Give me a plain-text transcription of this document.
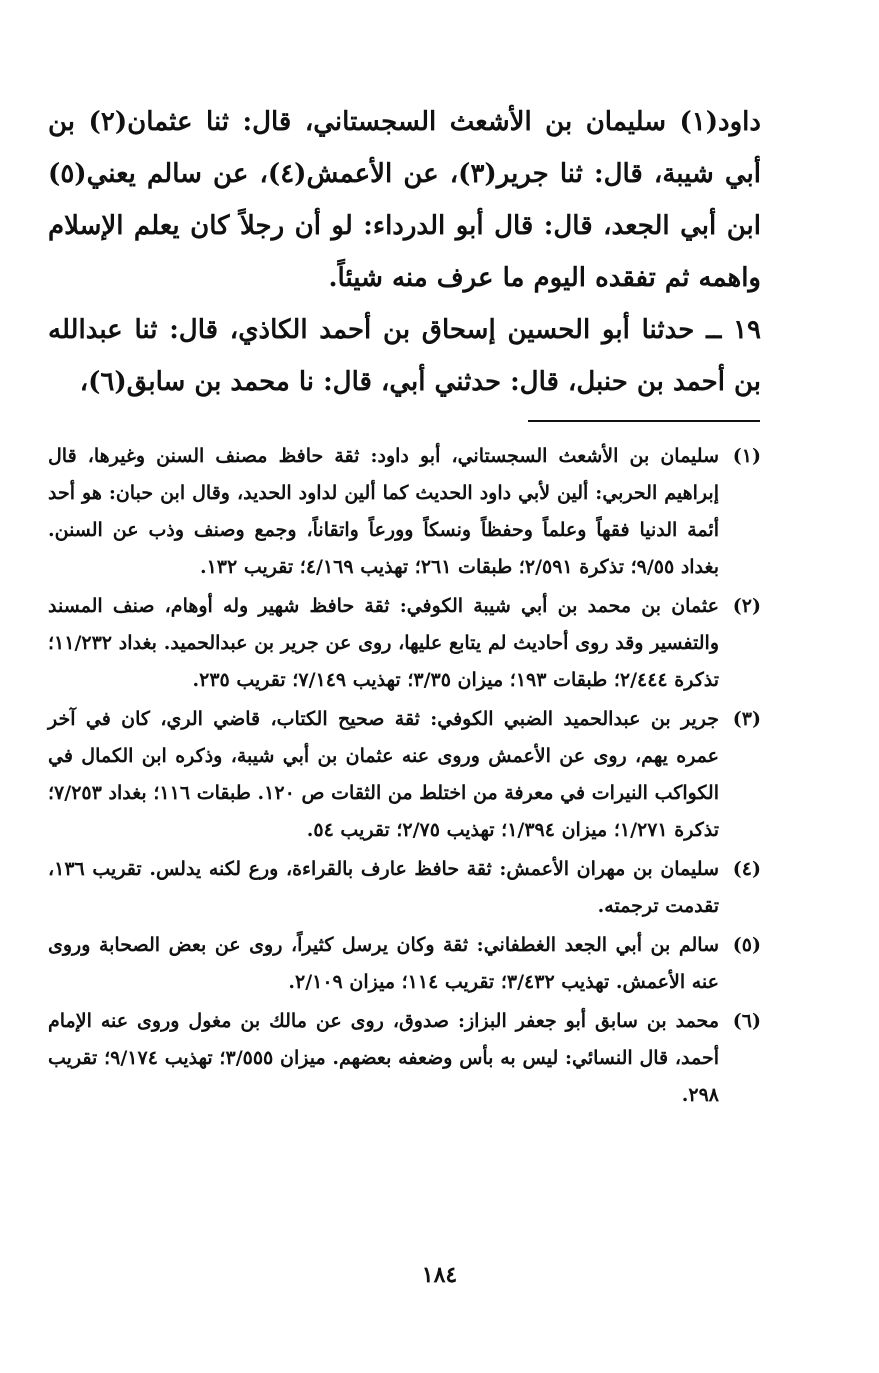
داود(١) سليمان بن الأشعث السجستاني، قال: ثنا عثمان(٢) بن أبي شيبة، قال: ثنا جرير(٣)، عن الأعمش(٤)، عن سالم يعني(٥) ابن أبي الجعد، قال: قال أبو الدرداء: لو أن رجلاً كان يعلم الإسلام واهمه ثم تفقده اليوم ما عرف منه شيئاً.

١٩ ــ حدثنا أبو الحسين إسحاق بن أحمد الكاذي، قال: ثنا عبدالله بن أحمد بن حنبل، قال: حدثني أبي، قال: نا محمد بن سابق(٦)،

(١)
سليمان بن الأشعث السجستاني، أبو داود: ثقة حافظ مصنف السنن وغيرها، قال إبراهيم الحربي: ألين لأبي داود الحديث كما ألين لداود الحديد، وقال ابن حبان: هو أحد أئمة الدنيا فقهاً وعلماً وحفظاً ونسكاً وورعاً واتقاناً، وجمع وصنف وذب عن السنن. بغداد ٩/٥٥؛ تذكرة ٢/٥٩١؛ طبقات ٢٦١؛ تهذيب ٤/١٦٩؛ تقريب ١٣٢.
(٢)
عثمان بن محمد بن أبي شيبة الكوفي: ثقة حافظ شهير وله أوهام، صنف المسند والتفسير وقد روى أحاديث لم يتابع عليها، روى عن جرير بن عبدالحميد. بغداد ١١/٢٣٢؛ تذكرة ٢/٤٤٤؛ طبقات ١٩٣؛ ميزان ٣/٣٥؛ تهذيب ٧/١٤٩؛ تقريب ٢٣٥.
(٣)
جرير بن عبدالحميد الضبي الكوفي: ثقة صحيح الكتاب، قاضي الري، كان في آخر عمره يهم، روى عن الأعمش وروى عنه عثمان بن أبي شيبة، وذكره ابن الكمال في الكواكب النيرات في معرفة من اختلط من الثقات ص ١٢٠. طبقات ١١٦؛ بغداد ٧/٢٥٣؛ تذكرة ١/٢٧١؛ ميزان ١/٣٩٤؛ تهذيب ٢/٧٥؛ تقريب ٥٤.
(٤)
سليمان بن مهران الأعمش: ثقة حافظ عارف بالقراءة، ورع لكنه يدلس. تقريب ١٣٦، تقدمت ترجمته.
(٥)
سالم بن أبي الجعد الغطفاني: ثقة وكان يرسل كثيراً، روى عن بعض الصحابة وروى عنه الأعمش. تهذيب ٣/٤٣٢؛ تقريب ١١٤؛ ميزان ٢/١٠٩.
(٦)
محمد بن سابق أبو جعفر البزاز: صدوق، روى عن مالك بن مغول وروى عنه الإمام أحمد، قال النسائي: ليس به بأس وضعفه بعضهم. ميزان ٣/٥٥٥؛ تهذيب ٩/١٧٤؛ تقريب ٢٩٨.
١٨٤
